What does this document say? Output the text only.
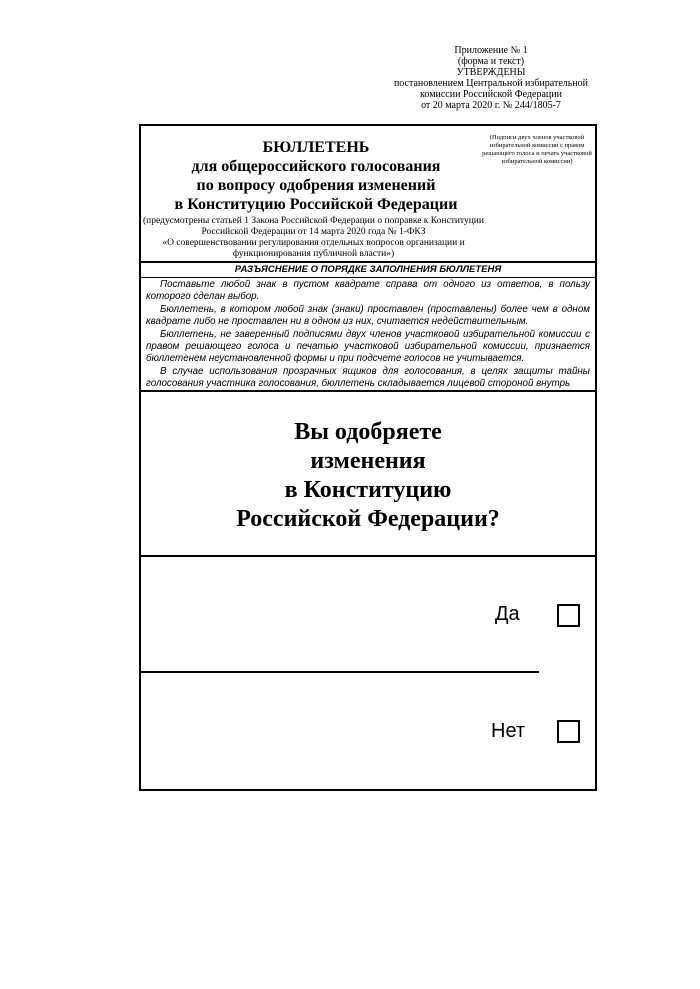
Приложение № 1
(форма и текст)
УТВЕРЖДЕНЫ
постановлением Центральной избирательной
комиссии Российской Федерации
от 20 марта 2020 г. № 244/1805-7
БЮЛЛЕТЕНЬ
для общероссийского голосования
по вопросу одобрения изменений
в Конституцию Российской Федерации
(предусмотрены статьей 1 Закона Российской Федерации о поправке к Конституции
Российской Федерации от 14 марта 2020 года № 1-ФКЗ
«О совершенствовании регулирования отдельных вопросов организации и
функционирования публичной власти»)
(Подписи двух членов участковой избирательной комиссии с правом решающего голоса и печать участковой избирательной комиссии)
РАЗЪЯСНЕНИЕ О ПОРЯДКЕ ЗАПОЛНЕНИЯ БЮЛЛЕТЕНЯ

Поставьте любой знак в пустом квадрате справа от одного из ответов, в пользу которого сделан выбор.

Бюллетень, в котором любой знак (знаки) проставлен (проставлены) более чем в одном квадрате либо не проставлен ни в одном из них, считается недействительным.

Бюллетень, не заверенный подписями двух членов участковой избирательной комиссии с правом решающего голоса и печатью участковой избирательной комиссии, признается бюллетенем неустановленной формы и при подсчете голосов не учитывается.

В случае использования прозрачных ящиков для голосования, в целях защиты тайны голосования участника голосования, бюллетень складывается лицевой стороной внутрь

Вы одобряете
изменения
в Конституцию
Российской Федерации?
Да
Нет
